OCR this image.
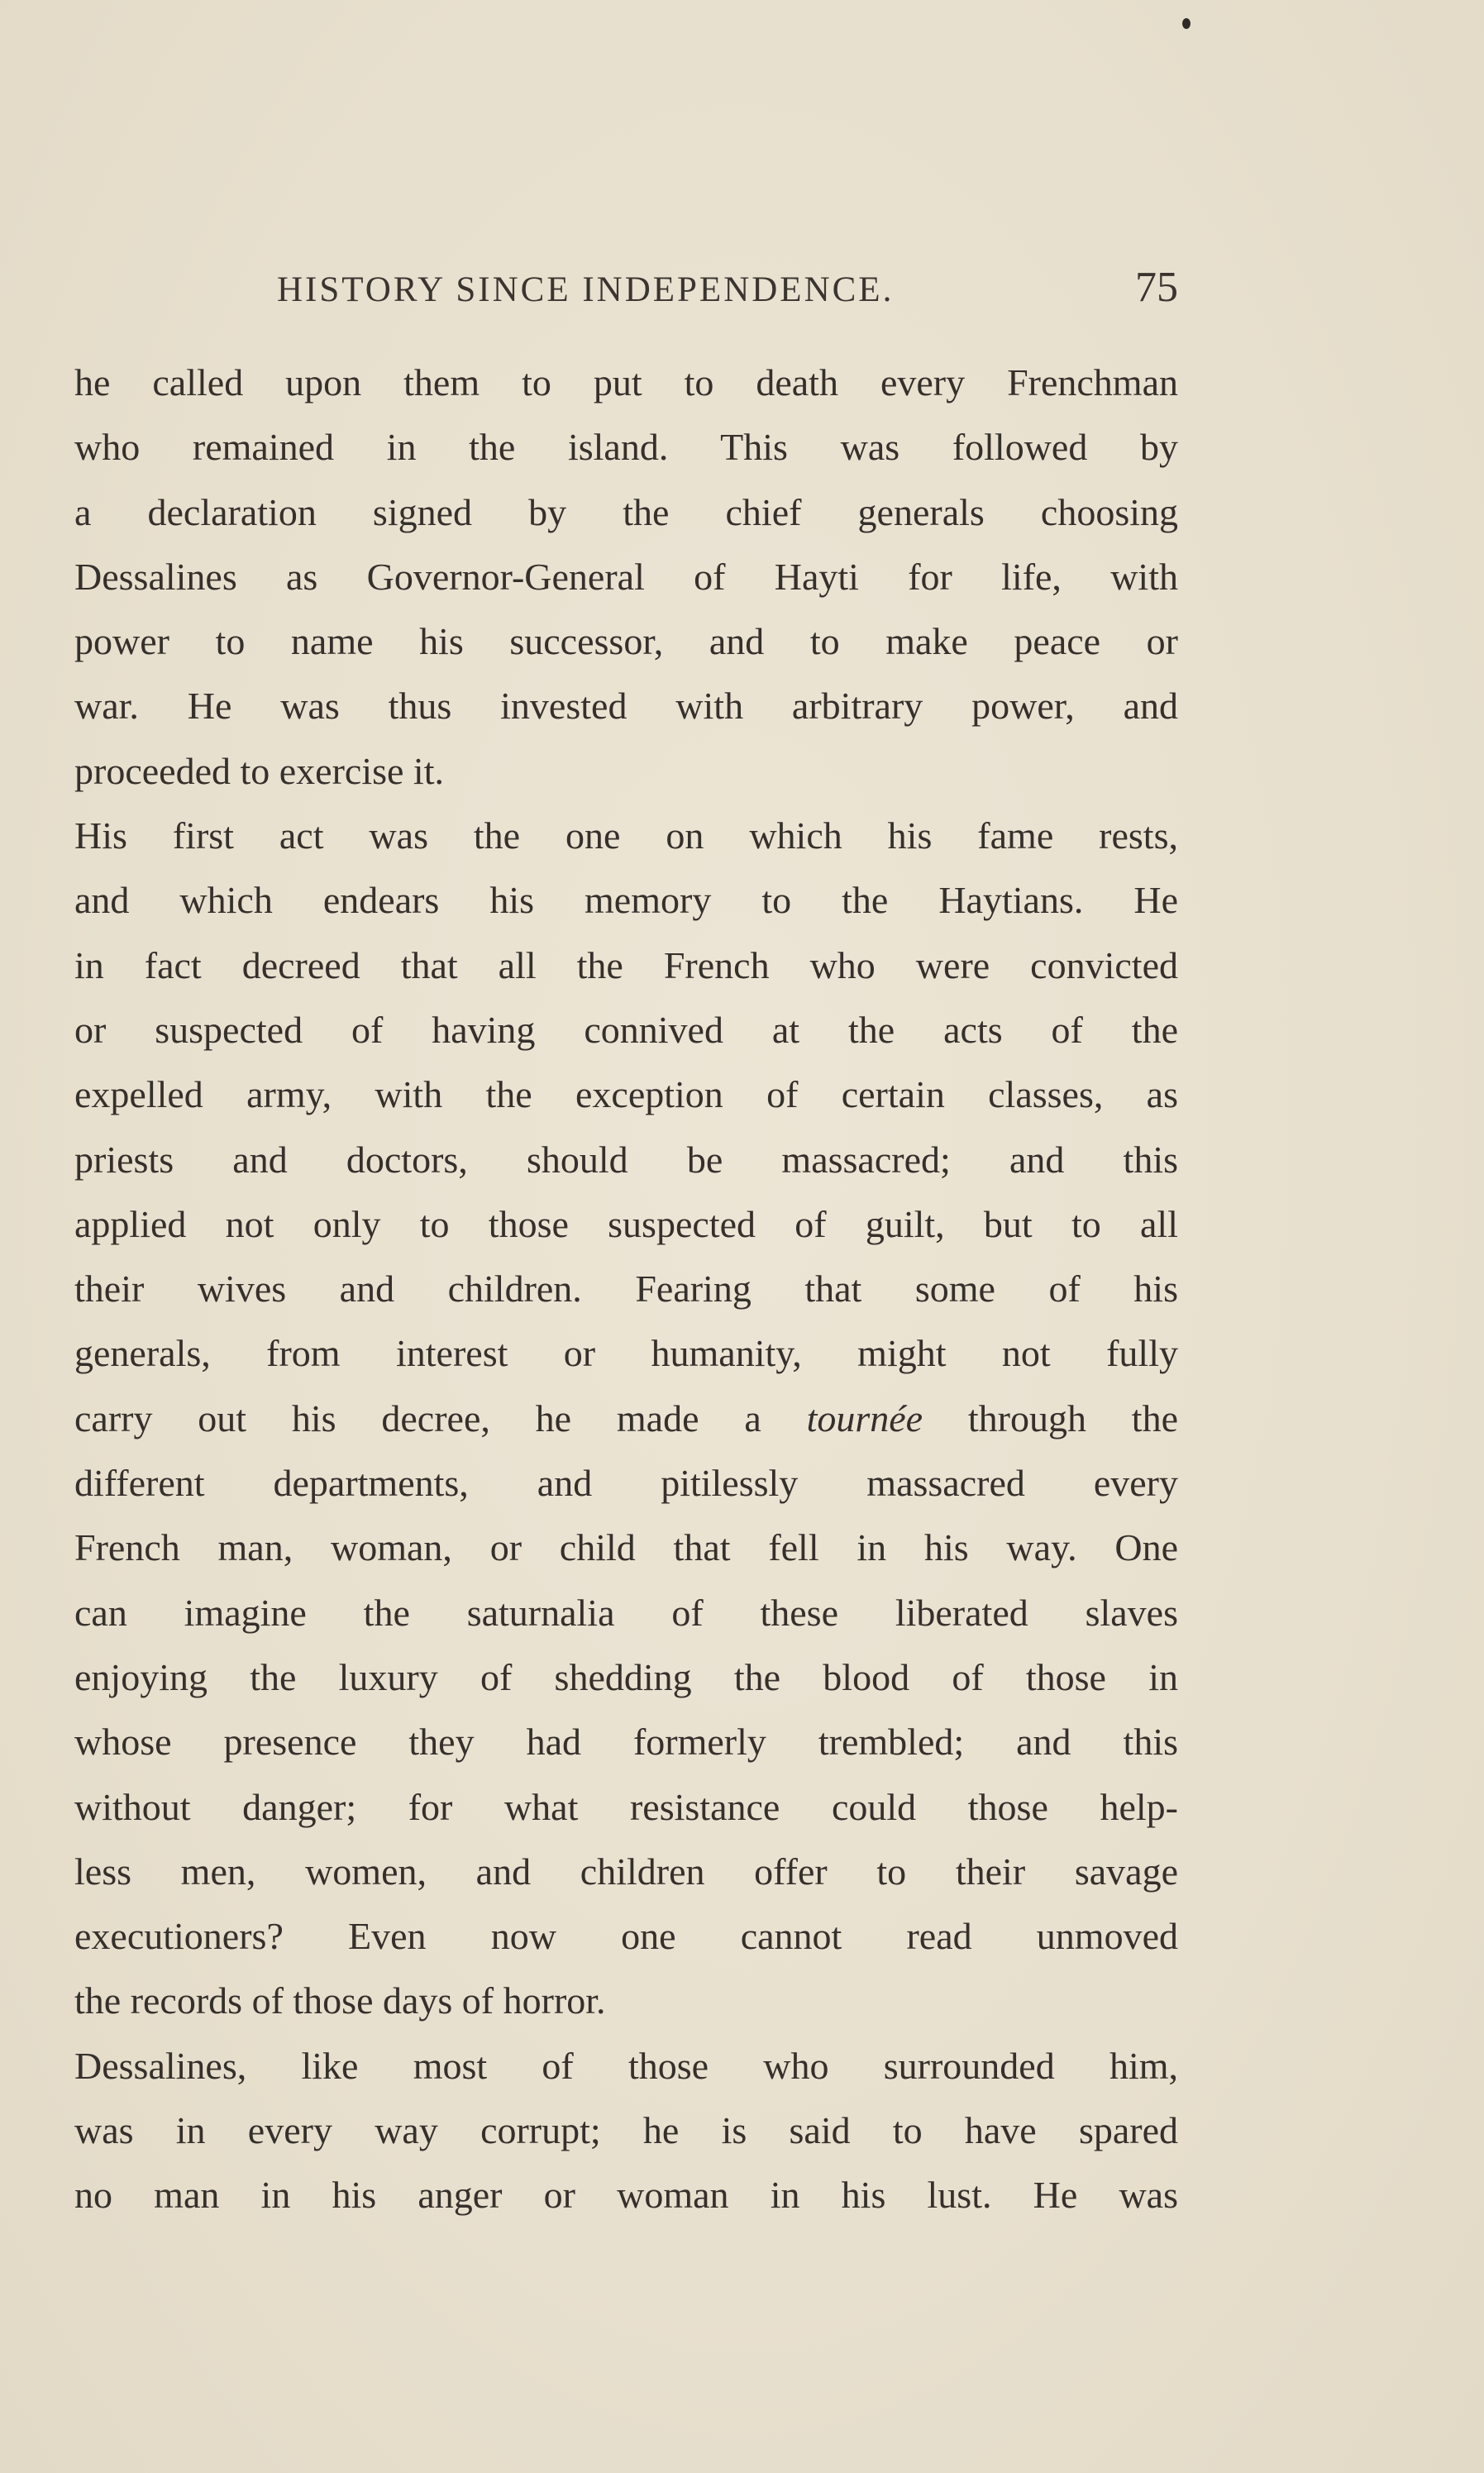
HISTORY SINCE INDEPENDENCE.	75
he called upon them to put to death every Frenchman
who remained in the island. This was followed by
a declaration signed by the chief generals choosing
Dessalines as Governor-General of Hayti for life, with
power to name his successor, and to make peace or
war. He was thus invested with arbitrary power, and
proceeded to exercise it.
His first act was the one on which his fame rests,
and which endears his memory to the Haytians. He
in fact decreed that all the French who were convicted
or suspected of having connived at the acts of the
expelled army, with the exception of certain classes, as
priests and doctors, should be massacred; and this
applied not only to those suspected of guilt, but to all
their wives and children. Fearing that some of his
generals, from interest or humanity, might not fully
carry out his decree, he made a tournée through the
different departments, and pitilessly massacred every
French man, woman, or child that fell in his way. One
can imagine the saturnalia of these liberated slaves
enjoying the luxury of shedding the blood of those in
whose presence they had formerly trembled; and this
without danger; for what resistance could those help-
less men, women, and children offer to their savage
executioners? Even now one cannot read unmoved
the records of those days of horror.
Dessalines, like most of those who surrounded him,
was in every way corrupt; he is said to have spared
no man in his anger or woman in his lust. He was
